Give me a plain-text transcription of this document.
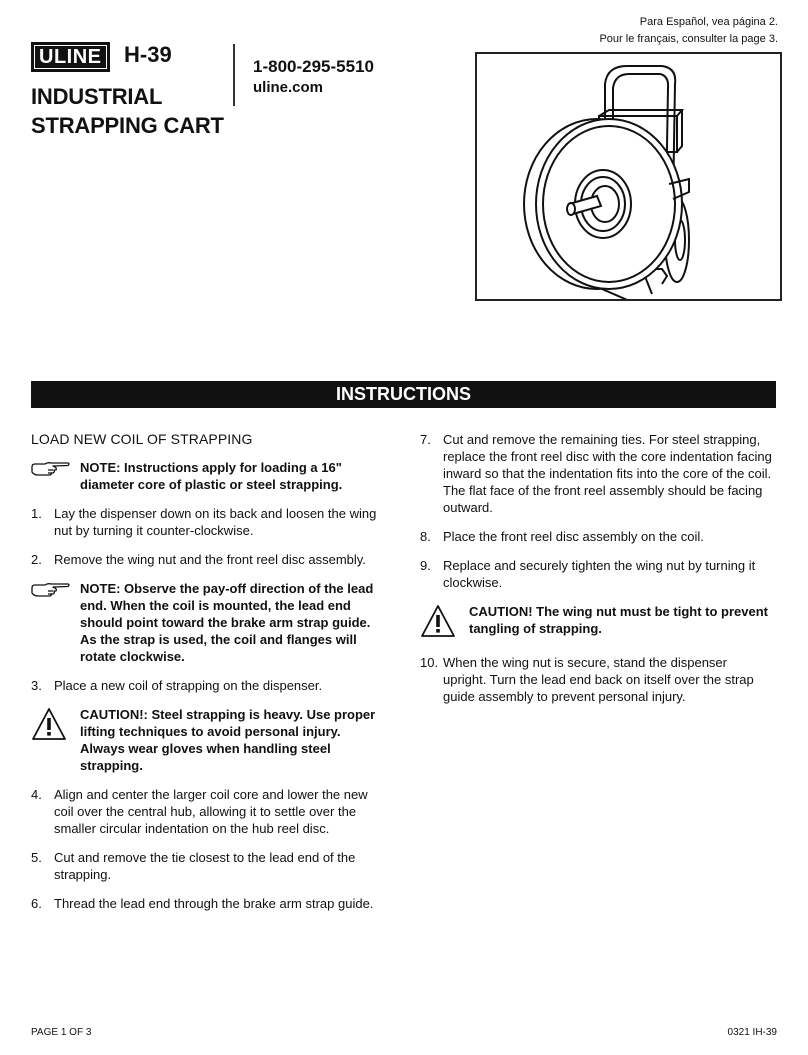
Para Español, vea página 2.
Pour le français, consulter la page 3.
ULINE	H-39
INDUSTRIAL
STRAPPING CART
1-800-295-5510
uline.com
INSTRUCTIONS
LOAD NEW COIL OF STRAPPING
NOTE: Instructions apply for loading a 16" diameter core of plastic or steel strapping.
1. Lay the dispenser down on its back and loosen the wing nut by turning it counter-clockwise.
2. Remove the wing nut and the front reel disc assembly.
NOTE: Observe the pay-off direction of the lead end. When the coil is mounted, the lead end should point toward the brake arm strap guide. As the strap is used, the coil and flanges will rotate clockwise.
3. Place a new coil of strapping on the dispenser.
CAUTION!: Steel strapping is heavy. Use proper lifting techniques to avoid personal injury. Always wear gloves when handling steel strapping.
4. Align and center the larger coil core and lower the new coil over the central hub, allowing it to settle over the smaller circular indentation on the hub reel disc.
5. Cut and remove the tie closest to the lead end of the strapping.
6. Thread the lead end through the brake arm strap guide.
7. Cut and remove the remaining ties. For steel strapping, replace the front reel disc with the core indentation facing inward so that the indentation fits into the core of the coil. The flat face of the front reel assembly should be facing outward.
8. Place the front reel disc assembly on the coil.
9. Replace and securely tighten the wing nut by turning it clockwise.
CAUTION! The wing nut must be tight to prevent tangling of strapping.
10. When the wing nut is secure, stand the dispenser upright. Turn the lead end back on itself over the strap guide assembly to prevent personal injury.
PAGE 1 OF 3	0321 IH-39
